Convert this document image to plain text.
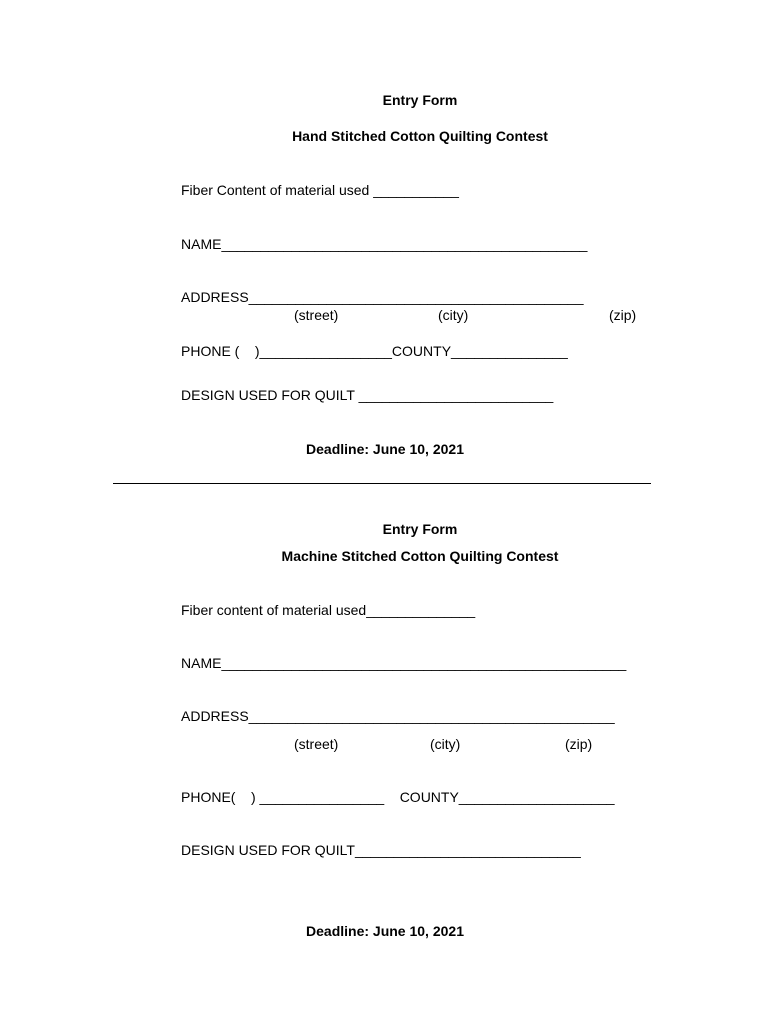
Entry Form
Hand Stitched Cotton Quilting Contest
Fiber Content of material used ___________
NAME_______________________________________________
ADDRESS___________________________________________
(street)	(city)	(zip)
PHONE (    )_________________COUNTY_______________
DESIGN USED FOR QUILT _________________________
Deadline: June 10, 2021
Entry Form
Machine Stitched Cotton Quilting Contest
Fiber content of material used______________
NAME____________________________________________________
ADDRESS_______________________________________________
(street)	(city)	(zip)
PHONE(    ) ________________    COUNTY____________________
DESIGN USED FOR QUILT_____________________________
Deadline: June 10, 2021
